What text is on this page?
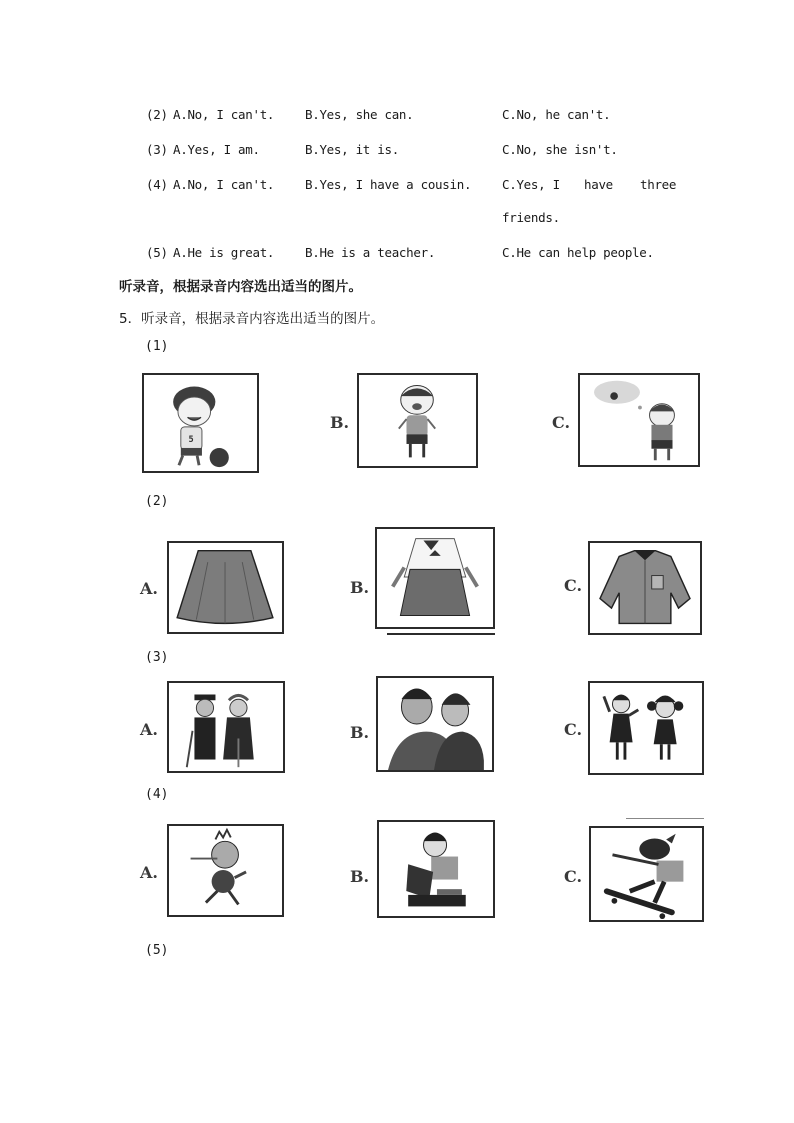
(2) A.No, I can't. B.Yes, she can.	C.No, he can't.
(3) A.Yes, I am.	B.Yes, it is.	C.No, she isn't.
(4) A.No, I can't. B.Yes, I have a cousin. C.Yes, I have three
friends.
(5) A.He is great. B.He is a teacher.	C.He can help people.
听录音，根据录音内容选出适当的图片。
5．听录音，根据录音内容选出适当的图片。
(1)
5
B.	C.
(2)
A.	B.	C.
(3)
A.	B.	C.
(4)
A.	B.	C.
(5)
